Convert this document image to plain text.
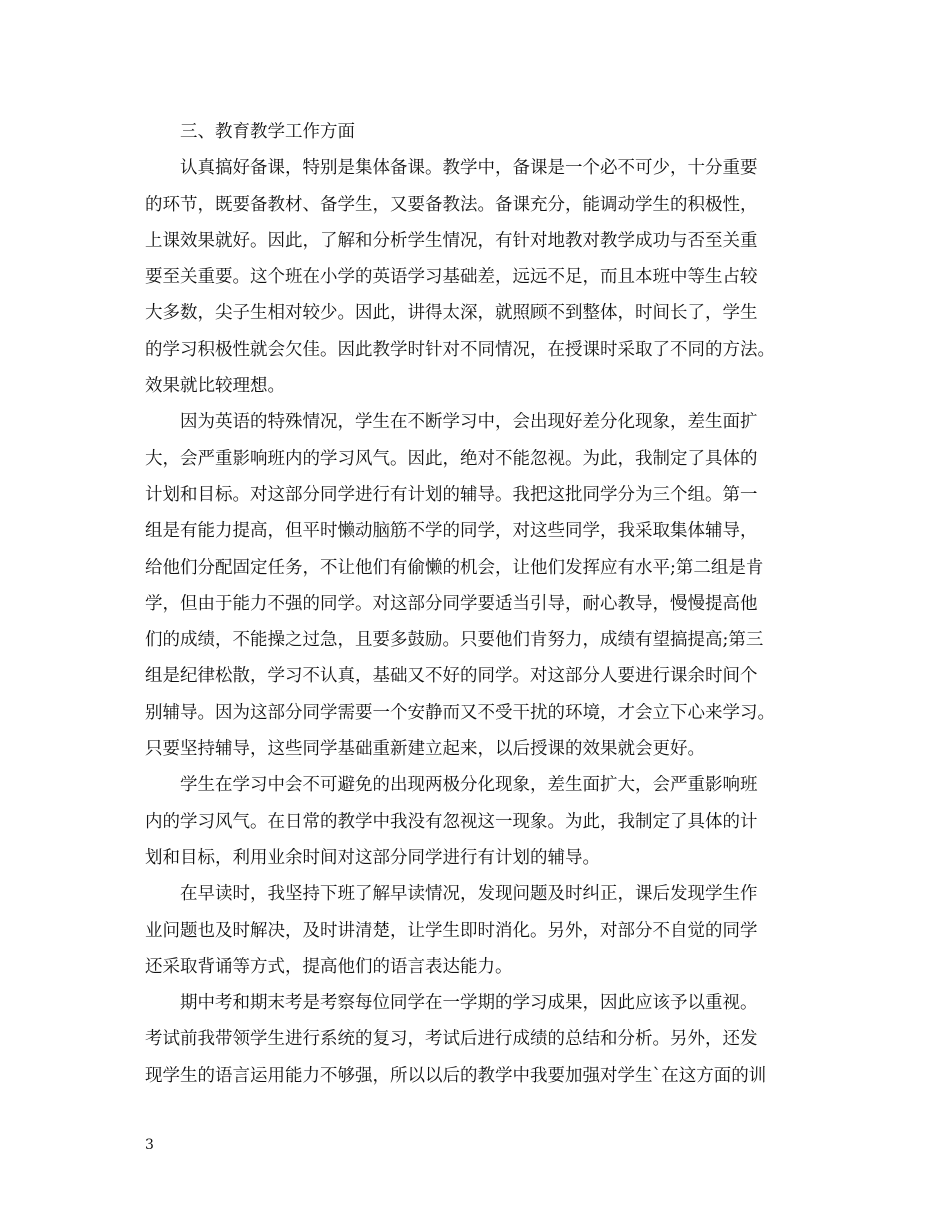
三、教育教学工作方面
认真搞好备课，特别是集体备课。教学中，备课是一个必不可少，十分重要
的环节，既要备教材、备学生，又要备教法。备课充分，能调动学生的积极性，
上课效果就好。因此，了解和分析学生情况，有针对地教对教学成功与否至关重
要至关重要。这个班在小学的英语学习基础差，远远不足，而且本班中等生占较
大多数，尖子生相对较少。因此，讲得太深，就照顾不到整体，时间长了，学生
的学习积极性就会欠佳。因此教学时针对不同情况，在授课时采取了不同的方法。
效果就比较理想。
因为英语的特殊情况，学生在不断学习中，会出现好差分化现象，差生面扩
大，会严重影响班内的学习风气。因此，绝对不能忽视。为此，我制定了具体的
计划和目标。对这部分同学进行有计划的辅导。我把这批同学分为三个组。第一
组是有能力提高，但平时懒动脑筋不学的同学，对这些同学，我采取集体辅导，
给他们分配固定任务，不让他们有偷懒的机会，让他们发挥应有水平;第二组是肯
学，但由于能力不强的同学。对这部分同学要适当引导，耐心教导，慢慢提高他
们的成绩，不能操之过急，且要多鼓励。只要他们肯努力，成绩有望搞提高;第三
组是纪律松散，学习不认真，基础又不好的同学。对这部分人要进行课余时间个
别辅导。因为这部分同学需要一个安静而又不受干扰的环境，才会立下心来学习。
只要坚持辅导，这些同学基础重新建立起来，以后授课的效果就会更好。
学生在学习中会不可避免的出现两极分化现象，差生面扩大，会严重影响班
内的学习风气。在日常的教学中我没有忽视这一现象。为此，我制定了具体的计
划和目标，利用业余时间对这部分同学进行有计划的辅导。
在早读时，我坚持下班了解早读情况，发现问题及时纠正，课后发现学生作
业问题也及时解决，及时讲清楚，让学生即时消化。另外，对部分不自觉的同学
还采取背诵等方式，提高他们的语言表达能力。
期中考和期末考是考察每位同学在一学期的学习成果，因此应该予以重视。
考试前我带领学生进行系统的复习，考试后进行成绩的总结和分析。另外，还发
现学生的语言运用能力不够强，所以以后的教学中我要加强对学生`在这方面的训
3
